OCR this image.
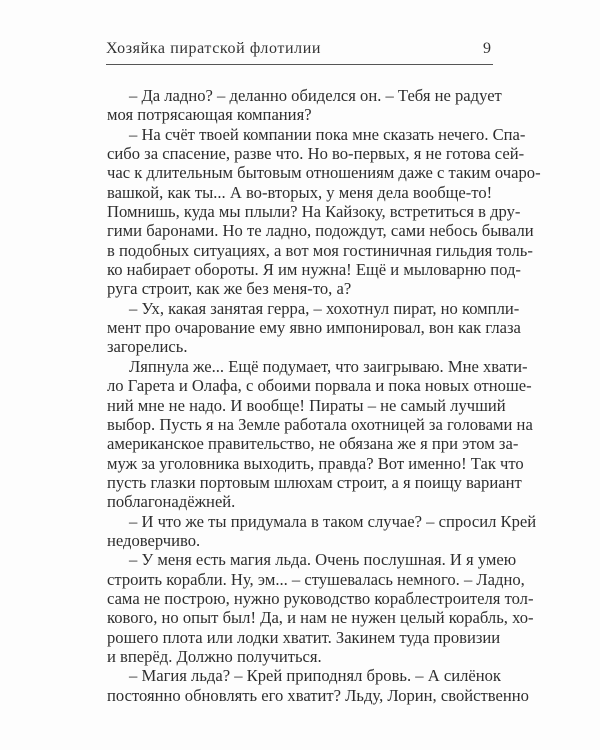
Хозяйка пиратской флотилии	9
– Да ладно? – деланно обиделся он. – Тебя не радует
моя потрясающая компания?
– На счёт твоей компании пока мне сказать нечего. Спа-
сибо за спасение, разве что. Но во-первых, я не готова сей-
час к длительным бытовым отношениям даже с таким очаро-
вашкой, как ты... А во-вторых, у меня дела вообще-то!
Помнишь, куда мы плыли? На Кайзоку, встретиться в дру-
гими баронами. Но те ладно, подождут, сами небось бывали
в подобных ситуациях, а вот моя гостиничная гильдия толь-
ко набирает обороты. Я им нужна! Ещё и мыловарню под-
руга строит, как же без меня-то, а?
– Ух, какая занятая герра, – хохотнул пират, но компли-
мент про очарование ему явно импонировал, вон как глаза
загорелись.
Ляпнула же... Ещё подумает, что заигрываю. Мне хвати-
ло Гарета и Олафа, с обоими порвала и пока новых отноше-
ний мне не надо. И вообще! Пираты – не самый лучший
выбор. Пусть я на Земле работала охотницей за головами на
американское правительство, не обязана же я при этом за-
муж за уголовника выходить, правда? Вот именно! Так что
пусть глазки портовым шлюхам строит, а я поищу вариант
поблагонадёжней.
– И что же ты придумала в таком случае? – спросил Крей
недоверчиво.
– У меня есть магия льда. Очень послушная. И я умею
строить корабли. Ну, эм... – стушевалась немного. – Ладно,
сама не построю, нужно руководство кораблестроителя тол-
кового, но опыт был! Да, и нам не нужен целый корабль, хо-
рошего плота или лодки хватит. Закинем туда провизии
и вперёд. Должно получиться.
– Магия льда? – Крей приподнял бровь. – А силёнок
постоянно обновлять его хватит? Льду, Лорин, свойственно
